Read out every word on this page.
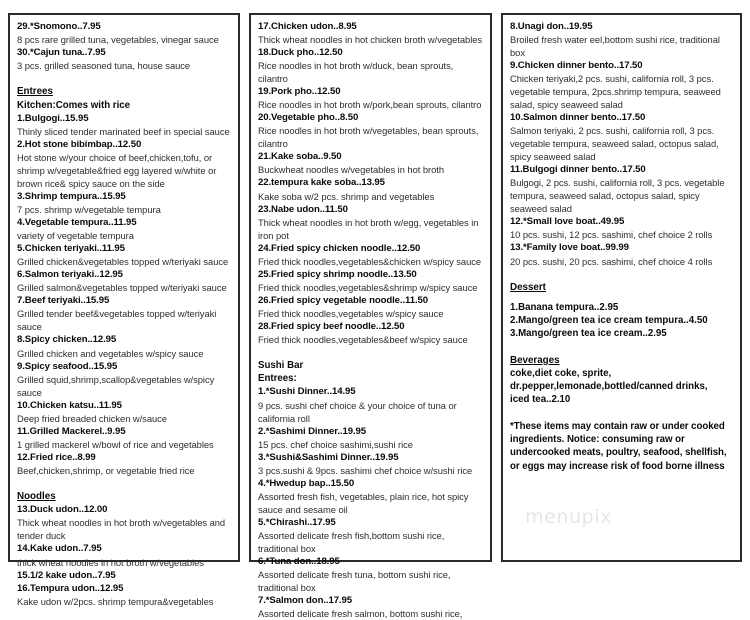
29.*Snomono..7.95
8 pcs rare grilled tuna, vegetables, vinegar sauce
30.*Cajun tuna..7.95
3 pcs. grilled seasoned tuna, house sauce
Entrees
Kitchen:Comes with rice
1.Bulgogi..15.95
Thinly sliced tender marinated beef in special sauce
2.Hot stone bibimbap..12.50
Hot stone w/your choice of beef,chicken,tofu, or shrimp w/vegetable&fried egg layered w/white or brown rice& spicy sauce on the side
3.Shrimp tempura..15.95
7 pcs. shrimp w/vegetable tempura
4.Vegetable tempura..11.95
variety of vegetable tempura
5.Chicken teriyaki..11.95
Grilled chicken&vegetables topped w/teriyaki sauce
6.Salmon teriyaki..12.95
Grilled salmon&vegetables topped w/teriyaki sauce
7.Beef teriyaki..15.95
Grilled tender beef&vegetables topped w/teriyaki sauce
8.Spicy chicken..12.95
Grilled chicken and vegetables w/spicy sauce
9.Spicy seafood..15.95
Grilled squid,shrimp,scallop&vegetables w/spicy sauce
10.Chicken katsu..11.95
Deep fried breaded chicken w/sauce
11.Grilled Mackerel..9.95
1 grilled mackerel w/bowl of rice and vegetables
12.Fried rice..8.99
Beef,chicken,shrimp, or vegetable fried rice
Noodles
13.Duck udon..12.00
Thick wheat noodles in hot broth w/vegetables and tender duck
14.Kake udon..7.95
thick wheat noodles in hot broth w/vegetables
15.1/2 kake udon..7.95
16.Tempura udon..12.95
Kake udon w/2pcs. shrimp tempura&vegetables
17.Chicken udon..8.95
Thick wheat noodles in hot chicken broth w/vegetables
18.Duck pho..12.50
Rice noodles in hot broth w/duck, bean sprouts, cilantro
19.Pork pho..12.50
Rice noodles in hot broth w/pork,bean sprouts, cilantro
20.Vegetable pho..8.50
Rice noodles in hot broth w/vegetables, bean sprouts, cilantro
21.Kake soba..9.50
Buckwheat noodles w/vegetables in hot broth
22.tempura kake soba..13.95
Kake soba w/2 pcs. shrimp and vegetables
23.Nabe udon..11.50
Thick wheat noodles in hot broth w/egg, vegetables in iron pot
24.Fried spicy chicken noodle..12.50
Fried thick noodles,vegetables&chicken w/spicy sauce
25.Fried spicy shrimp noodle..13.50
Fried thick noodles,vegetables&shrimp w/spicy sauce
26.Fried spicy vegetable noodle..11.50
Fried thick noodles,vegetables w/spicy sauce
28.Fried spicy beef noodle..12.50
Fried thick noodles,vegetables&beef w/spicy sauce
Sushi Bar
Entrees:
1.*Sushi Dinner..14.95
9 pcs. sushi chef choice & your choice of tuna or california roll
2.*Sashimi Dinner..19.95
15 pcs. chef choice sashimi,sushi rice
3.*Sushi&Sashimi Dinner..19.95
3 pcs.sushi & 9pcs. sashimi chef choice w/sushi rice
4.*Hwedup bap..15.50
Assorted fresh fish, vegetables, plain rice, hot spicy sauce and sesame oil
5.*Chirashi..17.95
Assorted delicate fresh fish,bottom sushi rice, traditional box
6.*Tuna don..18.95
Assorted delicate fresh tuna, bottom sushi rice, traditional box
7.*Salmon don..17.95
Assorted delicate fresh salmon, bottom sushi rice,
8.Unagi don..19.95
Broiled fresh water eel,bottom sushi rice, traditional box
9.Chicken dinner bento..17.50
Chicken teriyaki,2 pcs. sushi, california roll, 3 pcs. vegetable tempura, 2pcs.shrimp tempura, seaweed salad, spicy seaweed salad
10.Salmon dinner bento..17.50
Salmon teriyaki, 2 pcs. sushi, california roll, 3 pcs. vegetable tempura, seaweed salad, octopus salad, spicy seaweed salad
11.Bulgogi dinner bento..17.50
Bulgogi, 2 pcs. sushi, california roll, 3 pcs. vegetable tempura, seaweed salad, octopus salad, spicy seaweed salad
12.*Small love boat..49.95
10 pcs. sushi, 12 pcs. sashimi, chef choice 2 rolls
13.*Family love boat..99.99
20 pcs. sushi, 20 pcs. sashimi, chef choice 4 rolls
Dessert
1.Banana tempura..2.95
2.Mango/green tea ice cream tempura..4.50
3.Mango/green tea ice cream..2.95
Beverages
coke,diet coke, sprite,
dr.pepper,lemonade,bottled/canned drinks,
iced tea..2.10
*These items may contain raw or under cooked ingredients. Notice: consuming raw or undercooked meats, poultry, seafood, shellfish, or eggs may increase risk of food borne illness
menupix
